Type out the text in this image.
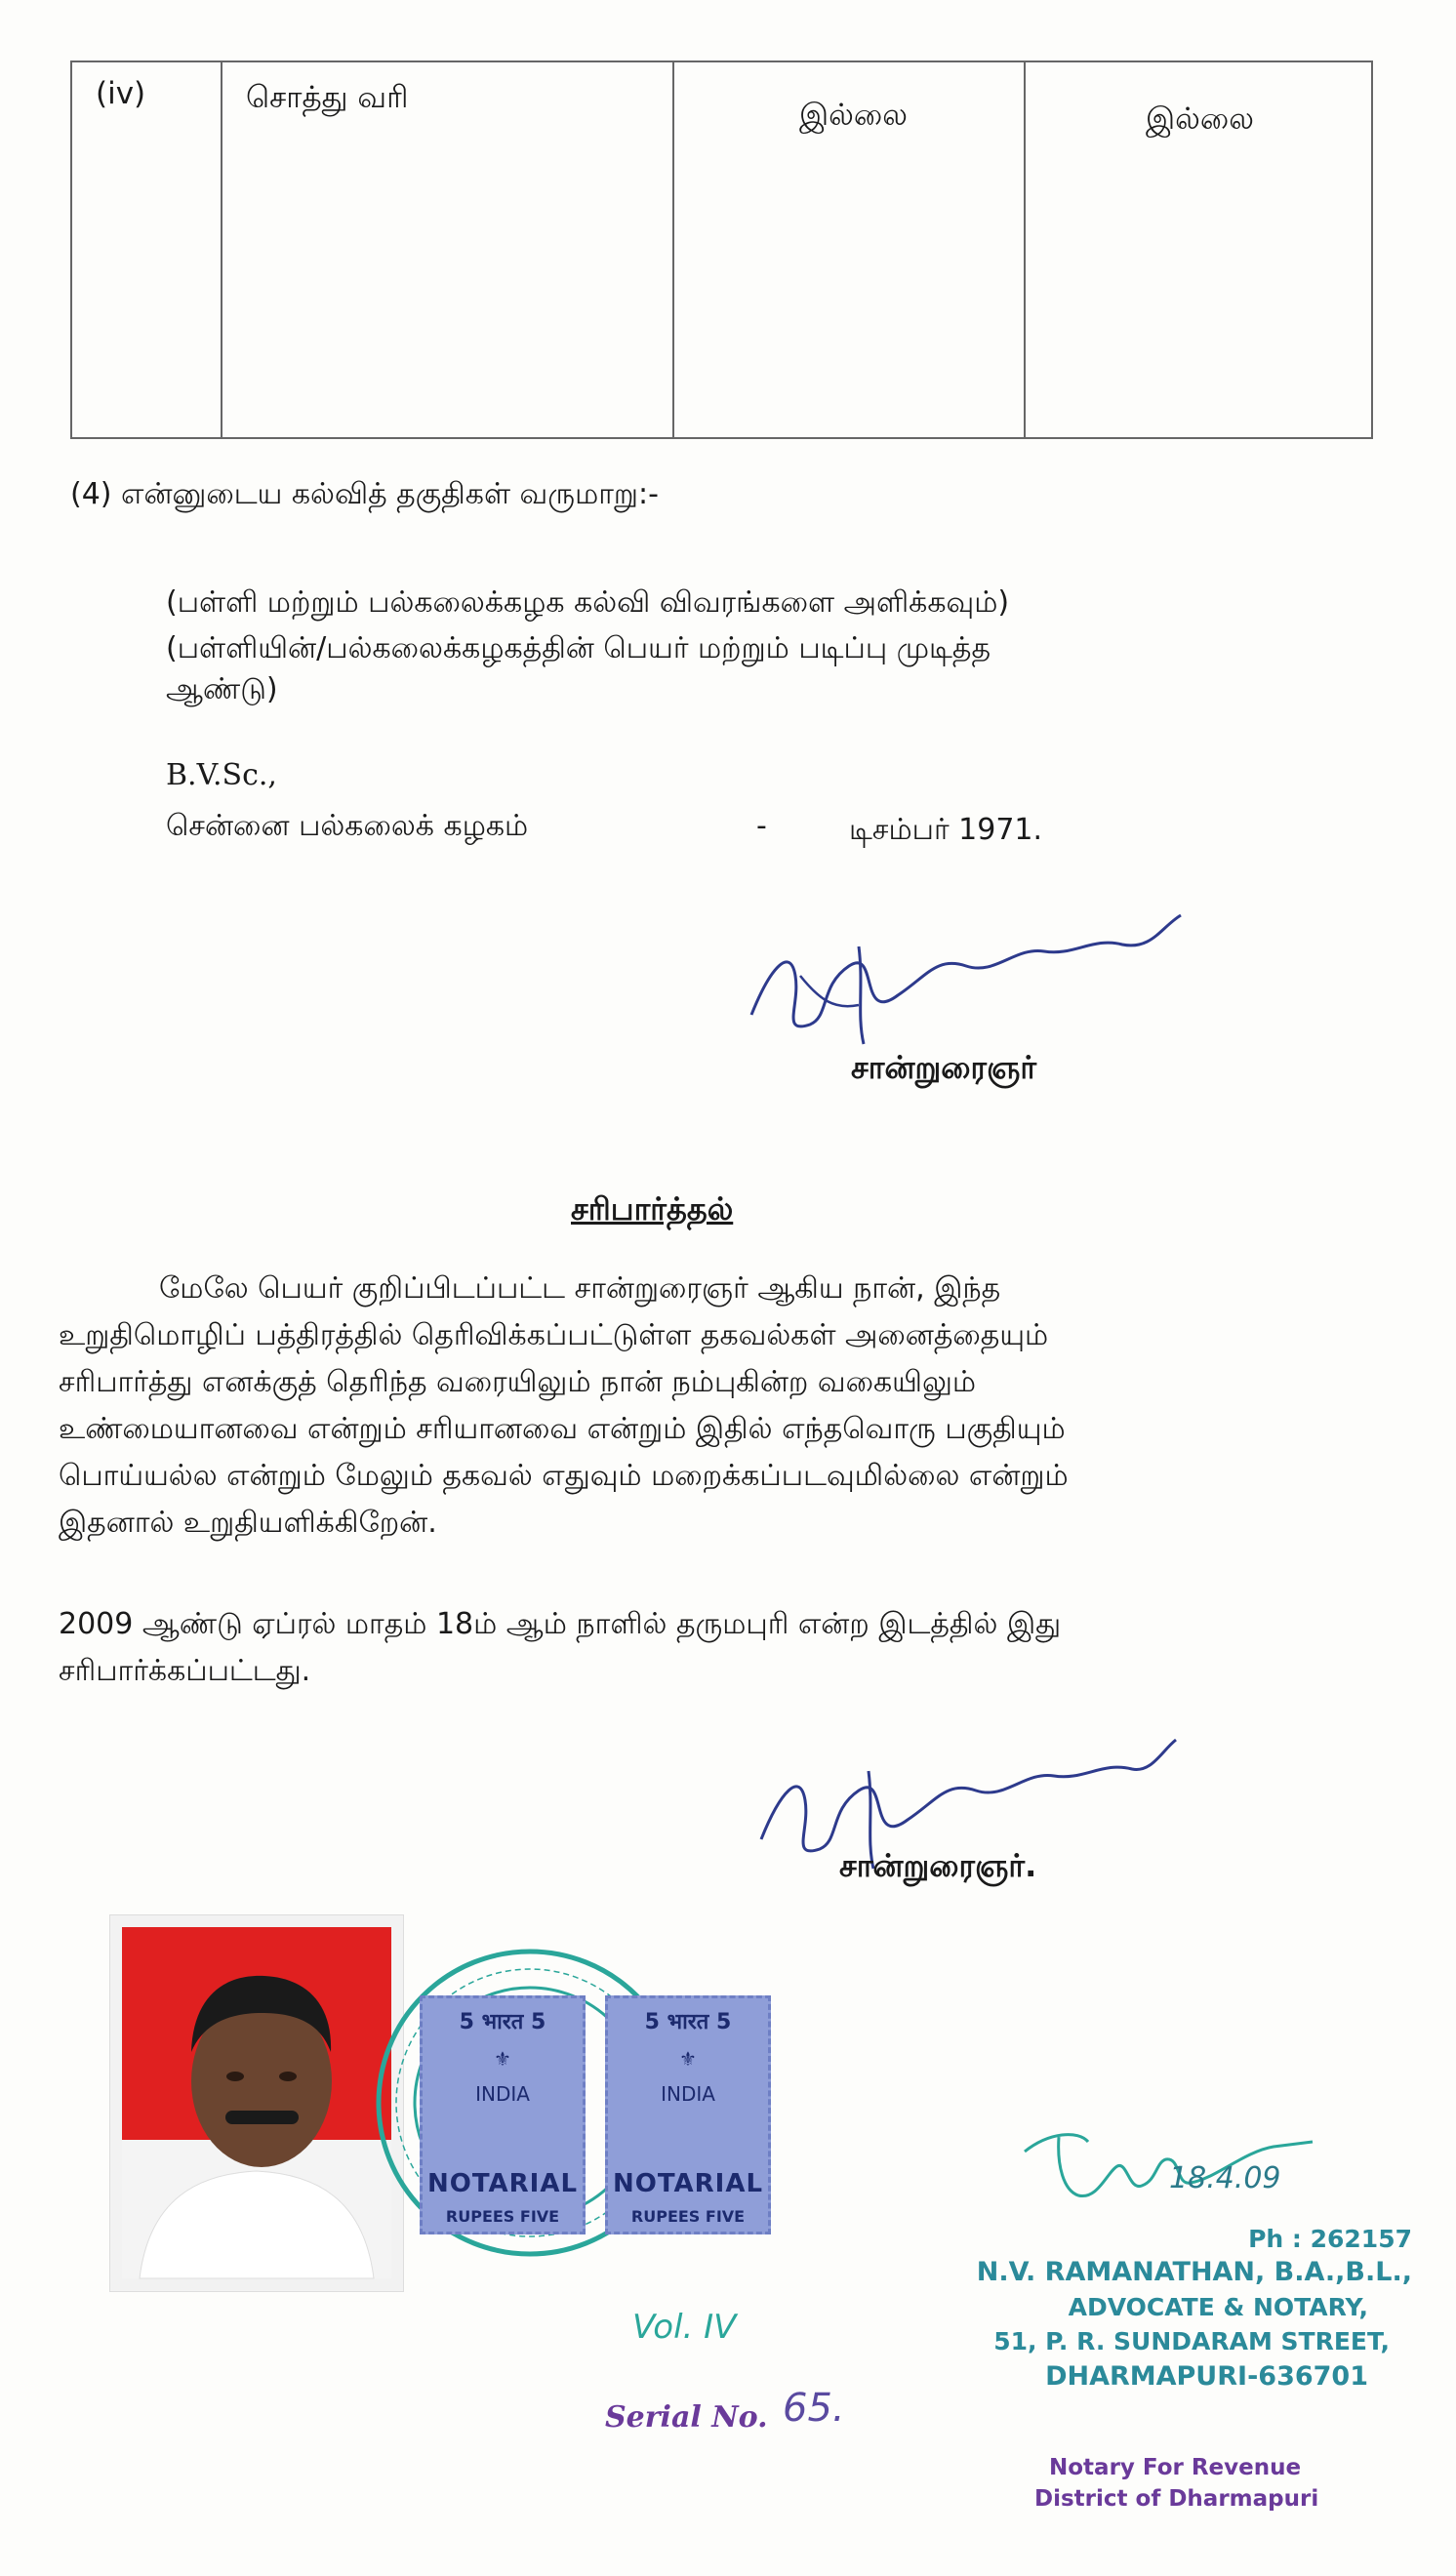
(iv)	சொத்து வரி	இல்லை	இல்லை
(4) என்னுடைய கல்வித் தகுதிகள் வருமாறு:-
(பள்ளி மற்றும் பல்கலைக்கழக கல்வி விவரங்களை அளிக்கவும்)
(பள்ளியின்/பல்கலைக்கழகத்தின் பெயர் மற்றும் படிப்பு முடித்த
ஆண்டு)
B.V.Sc.,
சென்னை பல்கலைக் கழகம்	-	டிசம்பர் 1971.
சான்றுரைஞர்
சரிபார்த்தல்
மேலே பெயர் குறிப்பிடப்பட்ட சான்றுரைஞர் ஆகிய நான், இந்த
உறுதிமொழிப் பத்திரத்தில் தெரிவிக்கப்பட்டுள்ள தகவல்கள் அனைத்தையும்
சரிபார்த்து எனக்குத் தெரிந்த வரையிலும் நான் நம்புகின்ற வகையிலும்
உண்மையானவை என்றும் சரியானவை என்றும் இதில் எந்தவொரு பகுதியும்
பொய்யல்ல என்றும் மேலும் தகவல் எதுவும் மறைக்கப்படவுமில்லை என்றும்
இதனால் உறுதியளிக்கிறேன்.
2009 ஆண்டு ஏப்ரல் மாதம் 18ம் ஆம் நாளில் தருமபுரி என்ற இடத்தில் இது
சரிபார்க்கப்பட்டது.
சான்றுரைஞர்.
5 भारत 5
⚜
INDIA
NOTARIAL
RUPEES FIVE
5 भारत 5
⚜
INDIA
NOTARIAL
RUPEES FIVE
18.4.09
Ph : 262157
N.V. RAMANATHAN, B.A.,B.L.,
ADVOCATE & NOTARY,
51, P. R. SUNDARAM STREET,
DHARMAPURI-636701
Vol. IV
Serial No. 65.
Notary For Revenue
District of Dharmapuri
